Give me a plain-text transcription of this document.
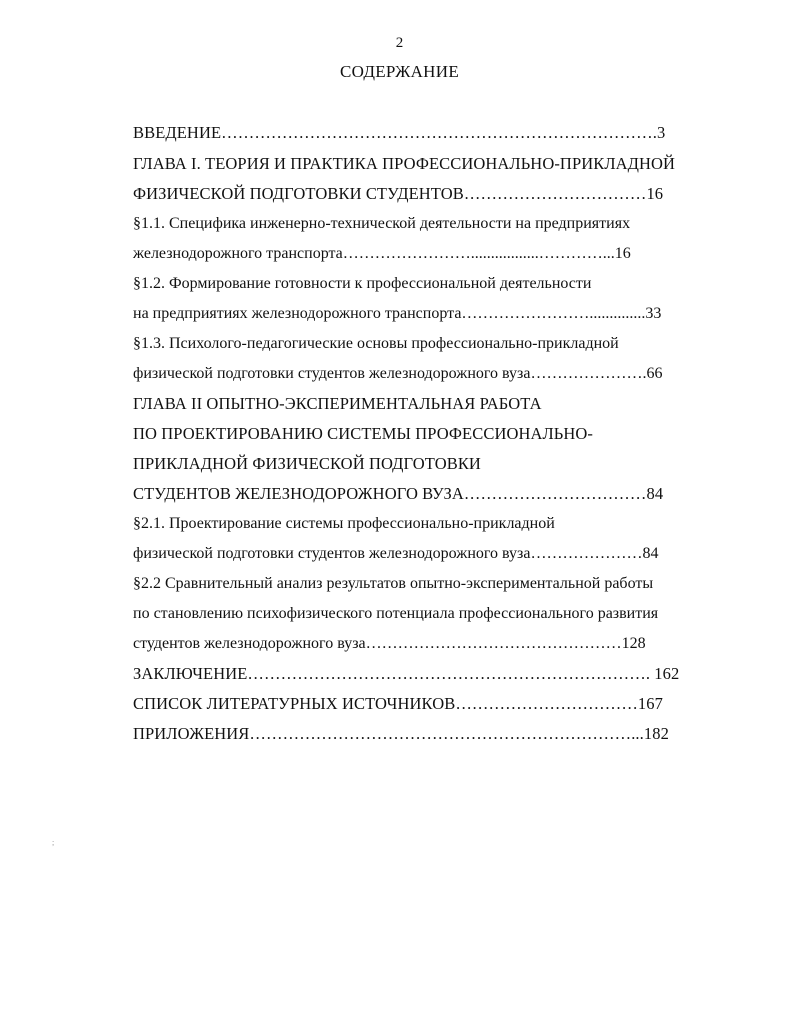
2
СОДЕРЖАНИЕ
ВВЕДЕНИЕ…………………………………………………………………….3
ГЛАВА I. ТЕОРИЯ И ПРАКТИКА ПРОФЕССИОНАЛЬНО-ПРИКЛАДНОЙ
ФИЗИЧЕСКОЙ ПОДГОТОВКИ СТУДЕНТОВ……………………………16
§1.1. Специфика инженерно-технической деятельности на предприятиях
железнодорожного транспорта…………………….................…………...16
§1.2. Формирование готовности к профессиональной деятельности
на предприятиях железнодорожного транспорта……………………..............33
§1.3. Психолого-педагогические основы профессионально-прикладной
физической подготовки студентов железнодорожного вуза………………….66
ГЛАВА II ОПЫТНО-ЭКСПЕРИМЕНТАЛЬНАЯ РАБОТА
ПО ПРОЕКТИРОВАНИЮ СИСТЕМЫ ПРОФЕССИОНАЛЬНО-
ПРИКЛАДНОЙ ФИЗИЧЕСКОЙ ПОДГОТОВКИ
СТУДЕНТОВ ЖЕЛЕЗНОДОРОЖНОГО ВУЗА……………………………84
§2.1. Проектирование системы профессионально-прикладной
физической подготовки студентов железнодорожного вуза…………………84
§2.2 Сравнительный анализ результатов опытно-экспериментальной работы
по становлению психофизического потенциала профессионального развития
студентов железнодорожного вуза…………………………………………128
ЗАКЛЮЧЕНИЕ………………………………………………………………. 162
СПИСОК ЛИТЕРАТУРНЫХ ИСТОЧНИКОВ……………………………167
ПРИЛОЖЕНИЯ……………………………………………………………...182
;
